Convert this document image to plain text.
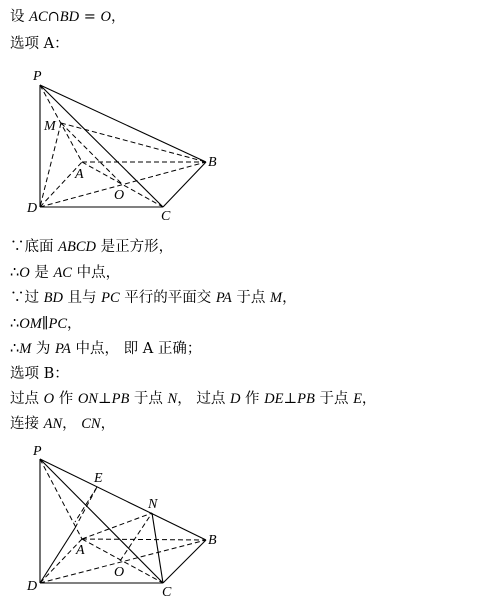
设 AC∩BD = O，
选项 A：
P
M
A
O
B
D
C
∵底面 ABCD 是正方形，
∴O 是 AC 中点，
∵过 BD 且与 PC 平行的平面交 PA 于点 M，
∴OM∥PC，
∴M 为 PA 中点， 即 A 正确；
选项 B：
过点 O 作 ON⊥PB 于点 N， 过点 D 作 DE⊥PB 于点 E，
连接 AN， CN，
P
E
N
A
O
B
D	C
